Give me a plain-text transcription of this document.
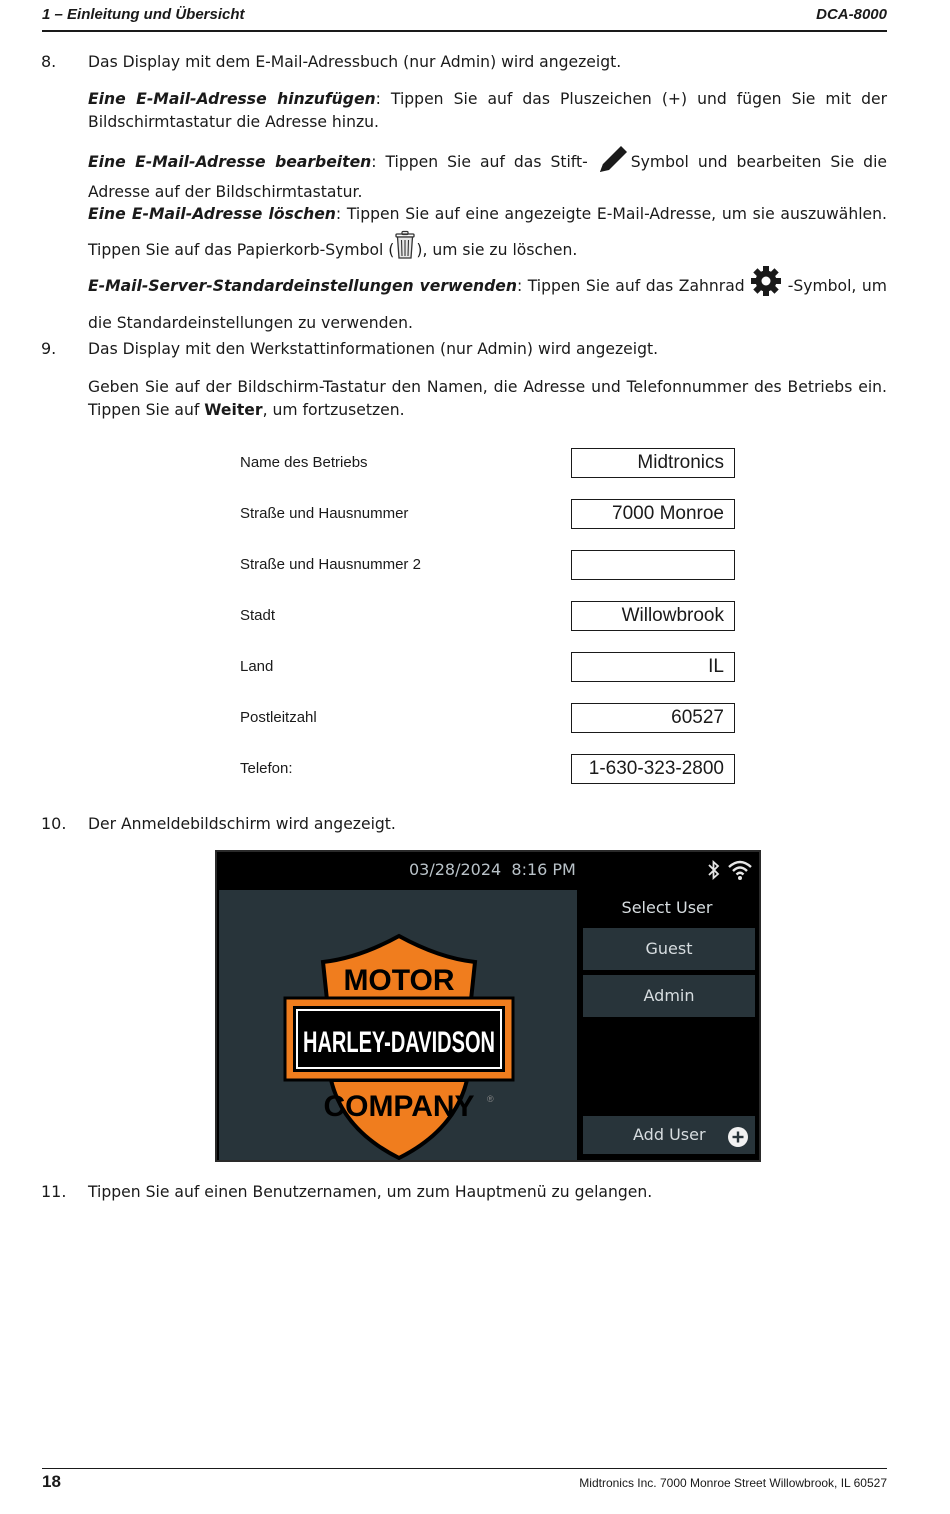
1 – Einleitung und Übersicht	DCA-8000
8. Das Display mit dem E-Mail-Adressbuch (nur Admin) wird angezeigt.
Eine E-Mail-Adresse hinzufügen: Tippen Sie auf das Pluszeichen (+) und fügen Sie mit der Bildschirmtastatur die Adresse hinzu.
Eine E-Mail-Adresse bearbeiten: Tippen Sie auf das Stift-	Symbol und bearbeiten Sie die Adresse auf der Bildschirmtastatur.
Eine E-Mail-Adresse löschen: Tippen Sie auf eine angezeigte E-Mail-Adresse, um sie auszuwählen. Tippen Sie auf das Papierkorb-Symbol ( ), um sie zu löschen.
E-Mail-Server-Standardeinstellungen verwenden: Tippen Sie auf das Zahnrad  -Symbol, um die Standardeinstellungen zu verwenden.
9. Das Display mit den Werkstattinformationen (nur Admin) wird angezeigt.
Geben Sie auf der Bildschirm-Tastatur den Namen, die Adresse und Telefonnummer des Betriebs ein. Tippen Sie auf Weiter, um fortzusetzen.
Name des Betriebs	Midtronics
Straße und Hausnummer	7000 Monroe
Straße und Hausnummer 2
Stadt	Willowbrook
Land	IL
Postleitzahl	60527
Telefon:	1-630-323-2800
10. Der Anmeldebildschirm wird angezeigt.
03/28/2024  8:16 PM
MOTOR
HARLEY-DAVIDSON
COMPANY ®
Select User
Guest
Admin
Add User
11. Tippen Sie auf einen Benutzernamen, um zum Hauptmenü zu gelangen.
18	Midtronics Inc. 7000 Monroe Street Willowbrook, IL 60527
